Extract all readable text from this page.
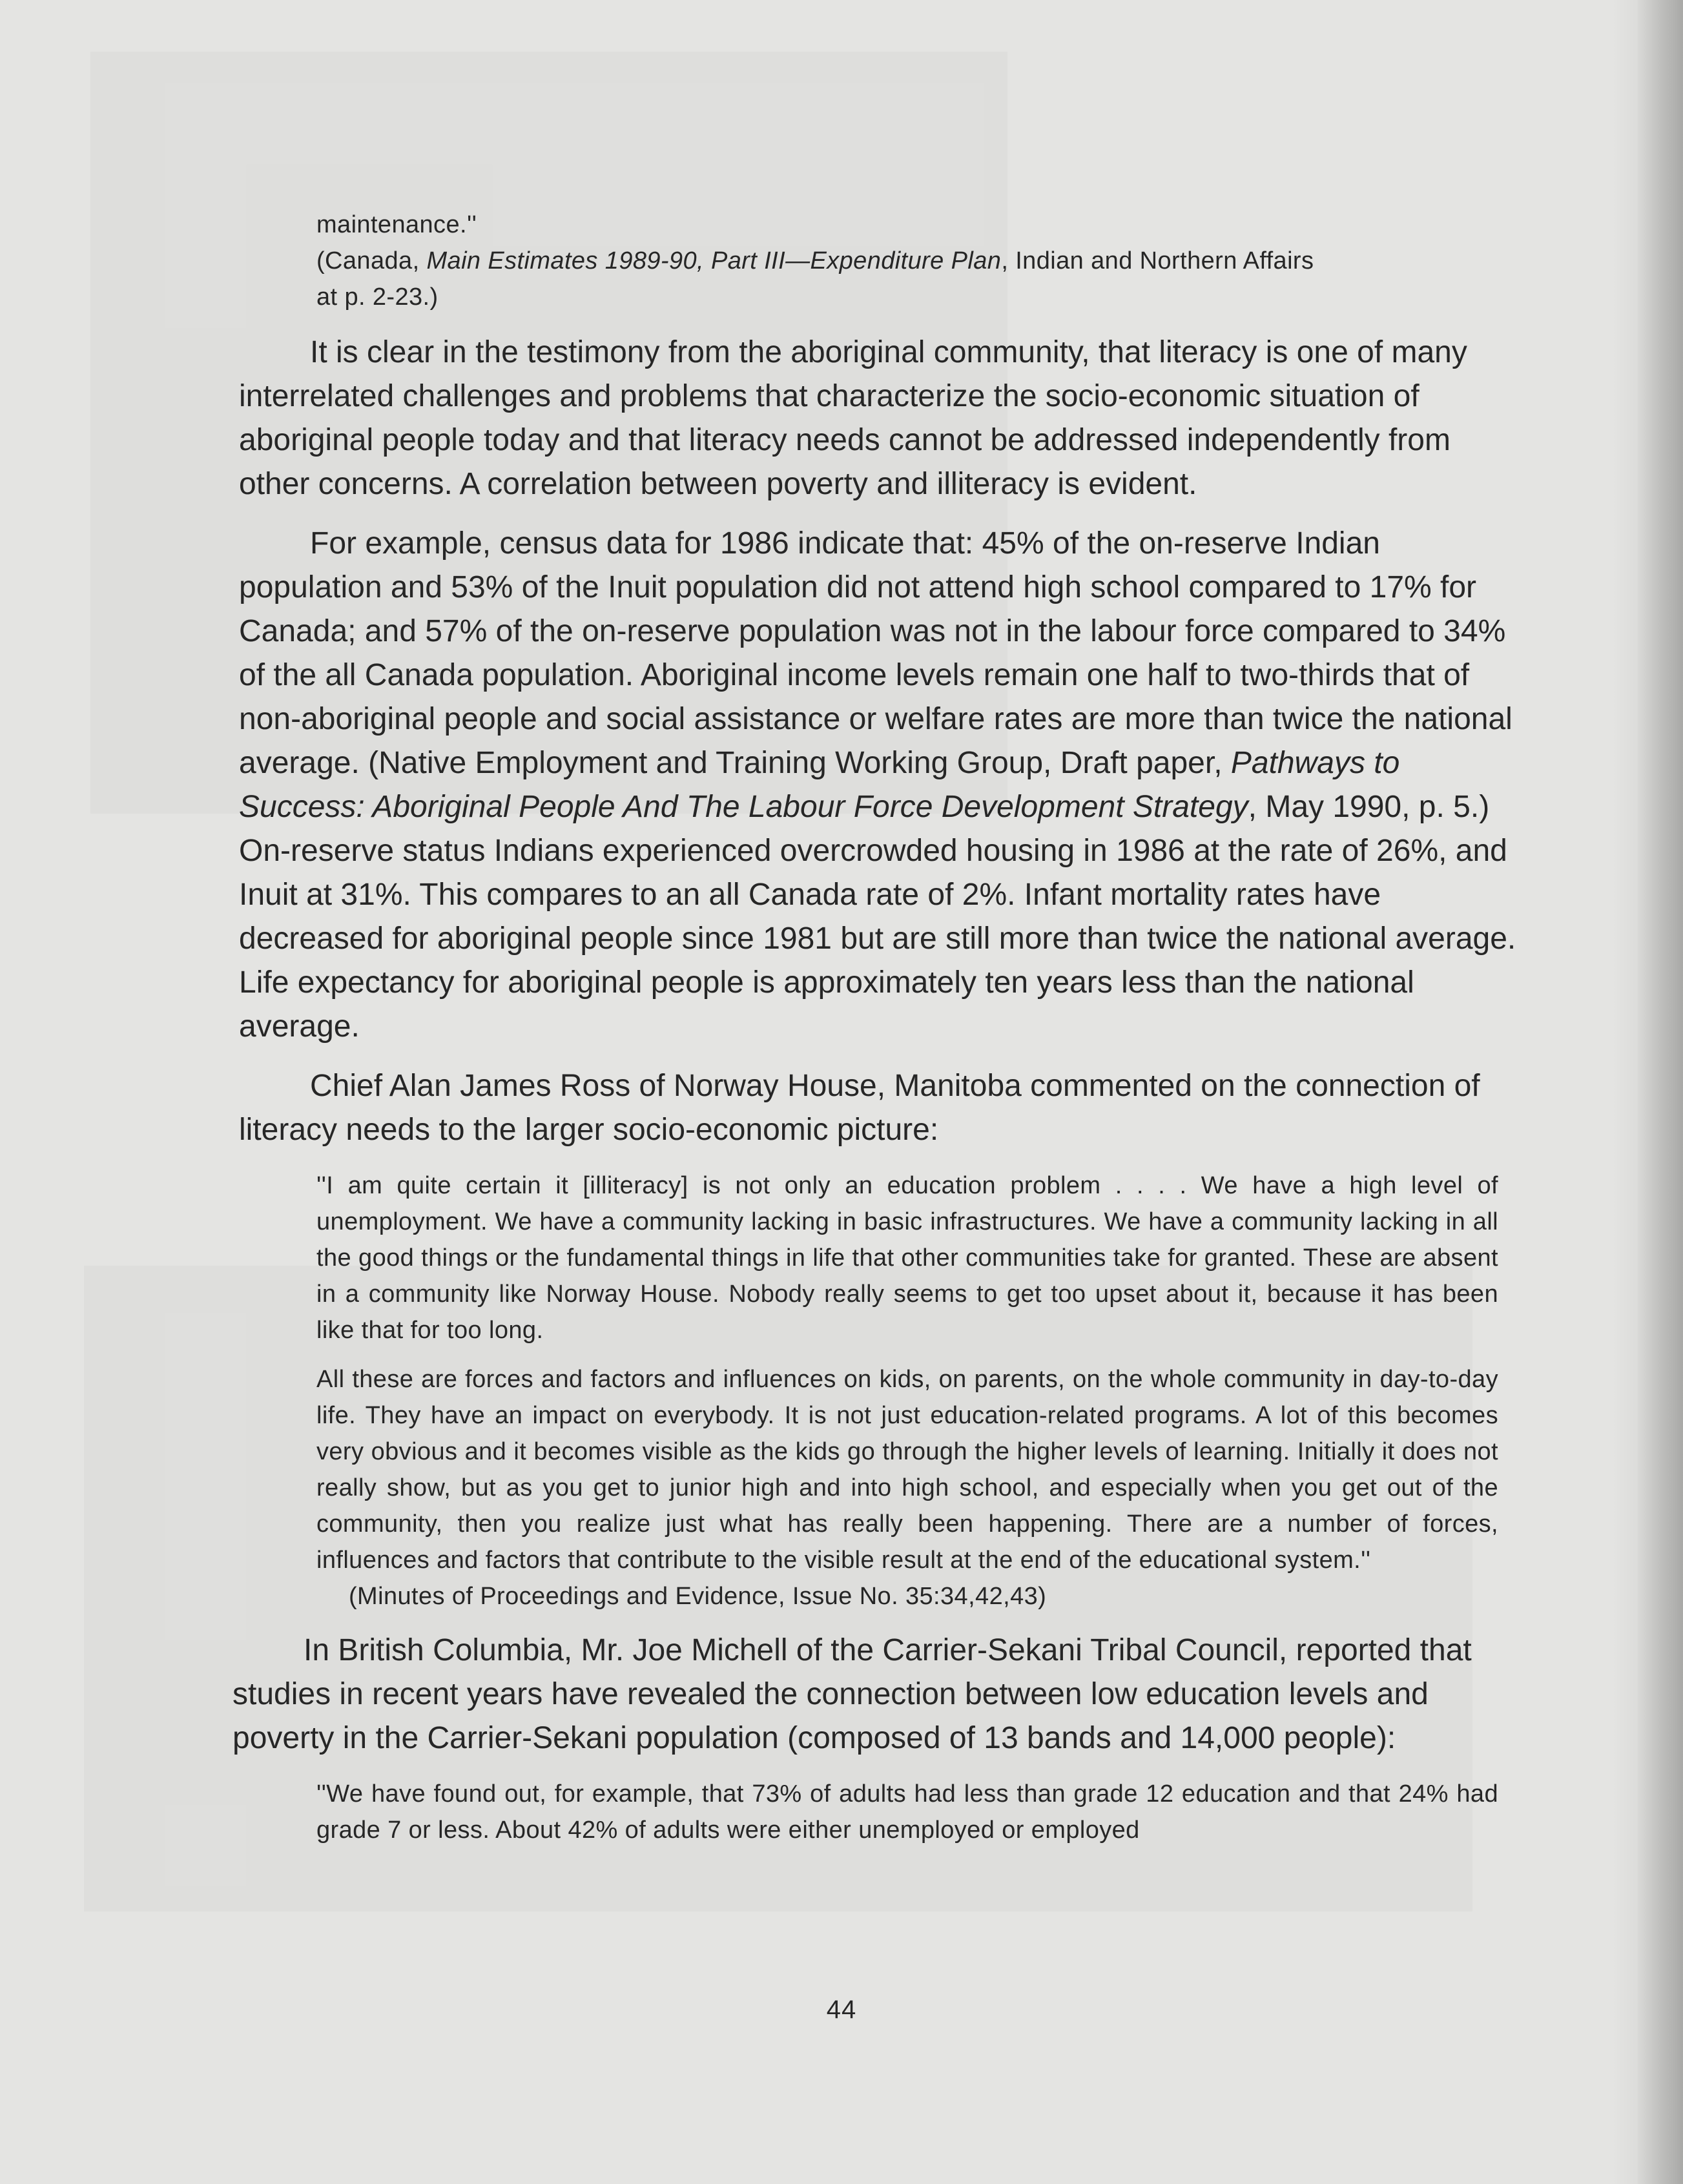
maintenance.''
(Canada, Main Estimates 1989-90, Part III—Expenditure Plan, Indian and Northern Affairs
at p. 2-23.)

It is clear in the testimony from the aboriginal community, that literacy is one of many interrelated challenges and problems that characterize the socio-economic situation of aboriginal people today and that literacy needs cannot be addressed independently from other concerns. A correlation between poverty and illiteracy is evident.

For example, census data for 1986 indicate that: 45% of the on-reserve Indian population and 53% of the Inuit population did not attend high school compared to 17% for Canada; and 57% of the on-reserve population was not in the labour force compared to 34% of the all Canada population. Aboriginal income levels remain one half to two-thirds that of non-aboriginal people and social assistance or welfare rates are more than twice the national average. (Native Employment and Training Working Group, Draft paper, Pathways to Success: Aboriginal People And The Labour Force Development Strategy, May 1990, p. 5.) On-reserve status Indians experienced overcrowded housing in 1986 at the rate of 26%, and Inuit at 31%. This compares to an all Canada rate of 2%. Infant mortality rates have decreased for aboriginal people since 1981 but are still more than twice the national average. Life expectancy for aboriginal people is approximately ten years less than the national average.

Chief Alan James Ross of Norway House, Manitoba commented on the connection of literacy needs to the larger socio-economic picture:

''I am quite certain it [illiteracy] is not only an education problem . . . . We have a high level of unemployment. We have a community lacking in basic infrastructures. We have a community lacking in all the good things or the fundamental things in life that other communities take for granted. These are absent in a community like Norway House. Nobody really seems to get too upset about it, because it has been like that for too long.

All these are forces and factors and influences on kids, on parents, on the whole community in day-to-day life. They have an impact on everybody. It is not just education-related programs. A lot of this becomes very obvious and it becomes visible as the kids go through the higher levels of learning. Initially it does not really show, but as you get to junior high and into high school, and especially when you get out of the community, then you realize just what has really been happening. There are a number of forces, influences and factors that contribute to the visible result at the end of the educational system.''

(Minutes of Proceedings and Evidence, Issue No. 35:34,42,43)

In British Columbia, Mr. Joe Michell of the Carrier-Sekani Tribal Council, reported that studies in recent years have revealed the connection between low education levels and poverty in the Carrier-Sekani population (composed of 13 bands and 14,000 people):

''We have found out, for example, that 73% of adults had less than grade 12 education and that 24% had grade 7 or less. About 42% of adults were either unemployed or employed

44
